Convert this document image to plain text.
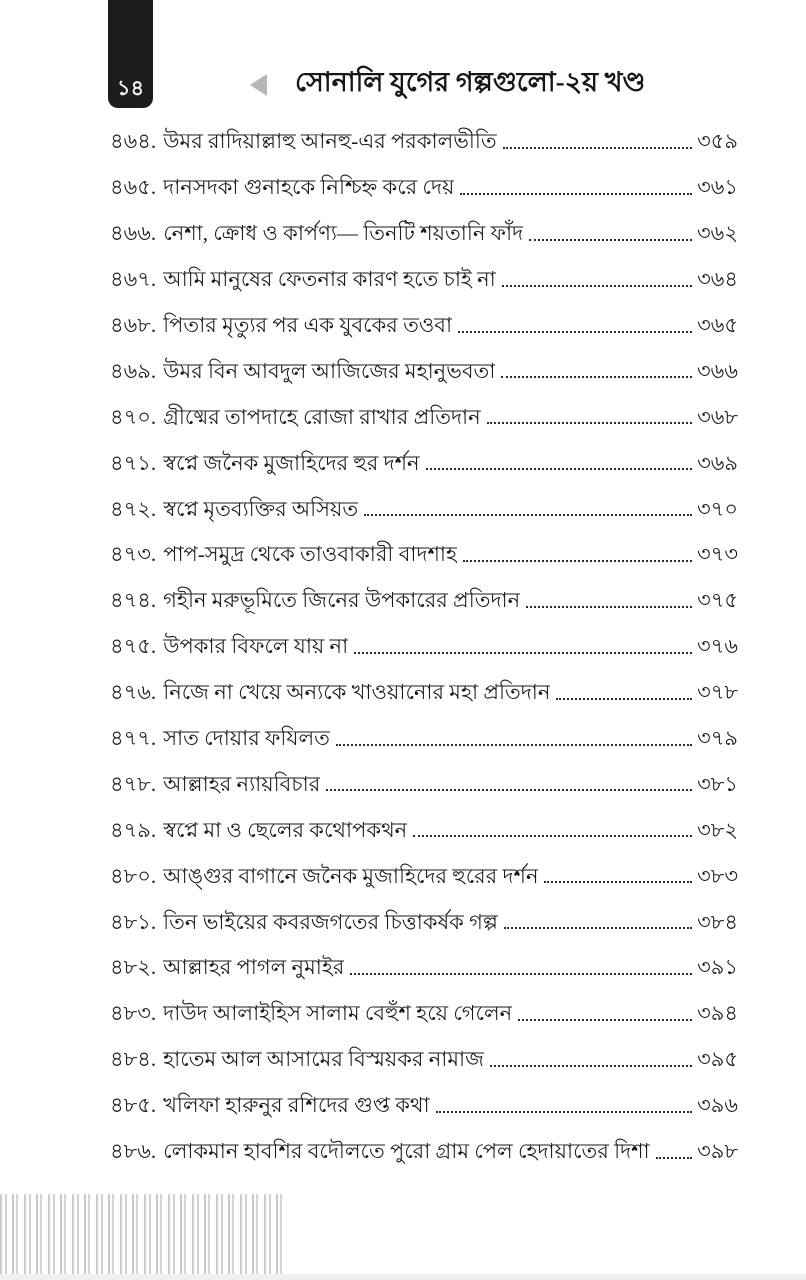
১৪	সোনালি যুগের গল্পগুলো-২য় খণ্ড
৪৬৪. উমর রাদিয়াল্লাহু আনহু-এর পরকালভীতি	৩৫৯
৪৬৫. দানসদকা গুনাহকে নিশ্চিহ্ন করে দেয়	৩৬১
৪৬৬. নেশা, ক্রোধ ও কার্পণ্য— তিনটি শয়তানি ফাঁদ	৩৬২
৪৬৭. আমি মানুষের ফেতনার কারণ হতে চাই না	৩৬৪
৪৬৮. পিতার মৃত্যুর পর এক যুবকের তওবা	৩৬৫
৪৬৯. উমর বিন আবদুল আজিজের মহানুভবতা	৩৬৬
৪৭০. গ্রীষ্মের তাপদাহে রোজা রাখার প্রতিদান	৩৬৮
৪৭১. স্বপ্নে জনৈক মুজাহিদের হুর দর্শন	৩৬৯
৪৭২. স্বপ্নে মৃতব্যক্তির অসিয়ত	৩৭০
৪৭৩. পাপ-সমুদ্র থেকে তাওবাকারী বাদশাহ	৩৭৩
৪৭৪. গহীন মরুভূমিতে জিনের উপকারের প্রতিদান	৩৭৫
৪৭৫. উপকার বিফলে যায় না	৩৭৬
৪৭৬. নিজে না খেয়ে অন্যকে খাওয়ানোর মহা প্রতিদান	৩৭৮
৪৭৭. সাত দোয়ার ফযিলত	৩৭৯
৪৭৮. আল্লাহর ন্যায়বিচার	৩৮১
৪৭৯. স্বপ্নে মা ও ছেলের কথোপকথন	৩৮২
৪৮০. আঙ্গুর বাগানে জনৈক মুজাহিদের হুরের দর্শন	৩৮৩
৪৮১. তিন ভাইয়ের কবরজগতের চিত্তাকর্ষক গল্প	৩৮৪
৪৮২. আল্লাহর পাগল নুমাইর	৩৯১
৪৮৩. দাউদ আলাইহিস সালাম বেহুঁশ হয়ে গেলেন	৩৯৪
৪৮৪. হাতেম আল আসামের বিস্ময়কর নামাজ	৩৯৫
৪৮৫. খলিফা হারুনুর রশিদের গুপ্ত কথা	৩৯৬
৪৮৬. লোকমান হাবশির বদৌলতে পুরো গ্রাম পেল হেদায়াতের দিশা ৩৯৮
